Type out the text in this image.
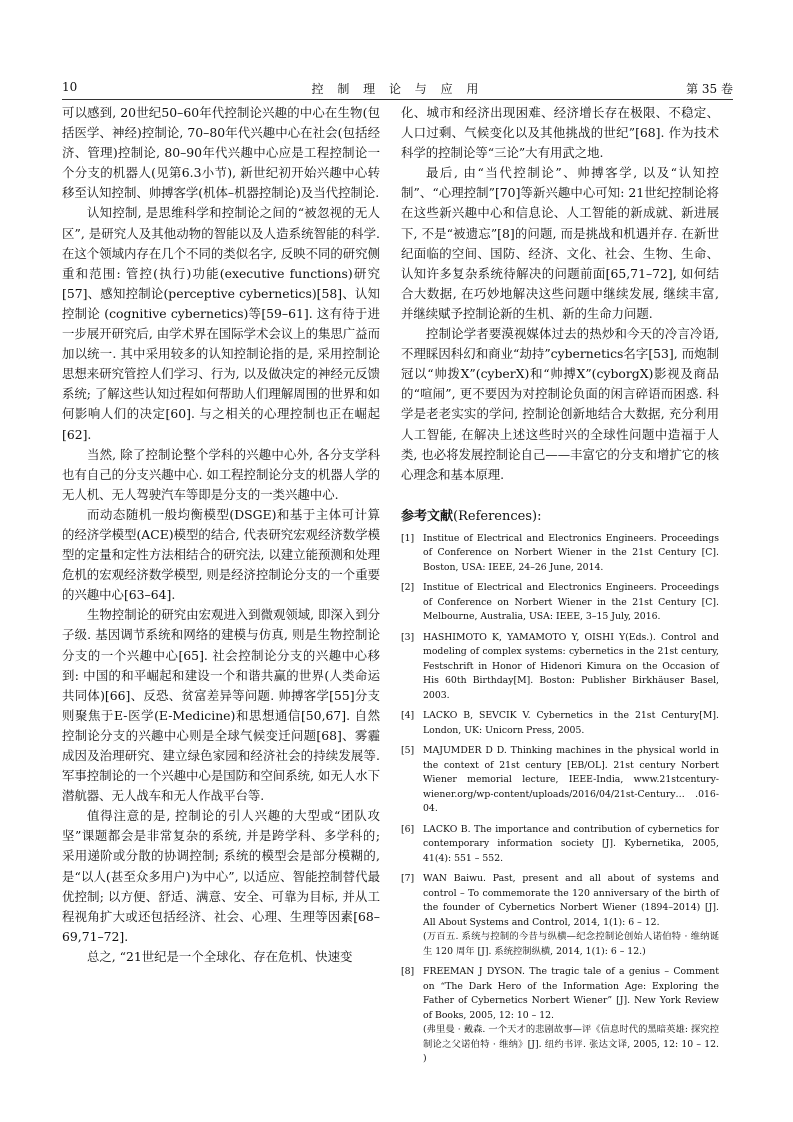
控 制 理 论 与 应 用
10	第 35 卷

可以感到, 20世纪50–60年代控制论兴趣的中心在生物(包括医学、神经)控制论, 70–80年代兴趣中心在社会(包括经济、管理)控制论, 80–90年代兴趣中心应是工程控制论一个分支的机器人(见第6.3小节), 新世纪初开始兴趣中心转移至认知控制、帅搏客学(机体–机器控制论)及当代控制论.

认知控制, 是思维科学和控制论之间的“被忽视的无人区”, 是研究人及其他动物的智能以及人造系统智能的科学. 在这个领域内存在几个不同的类似名字, 反映不同的研究侧重和范围: 管控(执行)功能(executive functions)研究[57]、感知控制论(perceptive cybernetics)[58]、认知控制论 (cognitive cybernetics)等[59–61]. 这有待于进一步展开研究后, 由学术界在国际学术会议上的集思广益而加以统一. 其中采用较多的认知控制论指的是, 采用控制论思想来研究管控人们学习、行为, 以及做决定的神经元反馈系统; 了解这些认知过程如何帮助人们理解周围的世界和如何影响人们的决定[60]. 与之相关的心理控制也正在崛起[62].

当然, 除了控制论整个学科的兴趣中心外, 各分支学科也有自己的分支兴趣中心. 如工程控制论分支的机器人学的无人机、无人驾驶汽车等即是分支的一类兴趣中心.

而动态随机一般均衡模型(DSGE)和基于主体可计算的经济学模型(ACE)模型的结合, 代表研究宏观经济数学模型的定量和定性方法相结合的研究法, 以建立能预测和处理危机的宏观经济数学模型, 则是经济控制论分支的一个重要的兴趣中心[63–64].

生物控制论的研究由宏观进入到微观领域, 即深入到分子级. 基因调节系统和网络的建模与仿真, 则是生物控制论分支的一个兴趣中心[65]. 社会控制论分支的兴趣中心移到: 中国的和平崛起和建设一个和谐共赢的世界(人类命运共同体)[66]、反恐、贫富差异等问题. 帅搏客学[55]分支则聚焦于E-医学(E-Medicine)和思想通信[50,67]. 自然控制论分支的兴趣中心则是全球气候变迁问题[68]、雾霾成因及治理研究、建立绿色家园和经济社会的持续发展等. 军事控制论的一个兴趣中心是国防和空间系统, 如无人水下潜航器、无人战车和无人作战平台等.

值得注意的是, 控制论的引人兴趣的大型或“团队攻坚”课题都会是非常复杂的系统, 并是跨学科、多学科的; 采用递阶或分散的协调控制; 系统的模型会是部分模糊的, 是“以人(甚至众多用户)为中心”, 以适应、智能控制替代最优控制; 以方便、舒适、满意、安全、可靠为目标, 并从工程视角扩大或还包括经济、社会、心理、生理等因素[68–69,71–72].

总之, “21世纪是一个全球化、存在危机、快速变

化、城市和经济出现困难、经济增长存在极限、不稳定、人口过剩、气候变化以及其他挑战的世纪”[68]. 作为技术科学的控制论等“三论”大有用武之地.

最后, 由“当代控制论”、帅搏客学, 以及“认知控制”、“心理控制”[70]等新兴趣中心可知: 21世纪控制论将在这些新兴趣中心和信息论、人工智能的新成就、新进展下, 不是“被遗忘”[8]的问题, 而是挑战和机遇并存. 在新世纪面临的空间、国防、经济、文化、社会、生物、生命、认知许多复杂系统待解决的问题前面[65,71–72], 如何结合大数据, 在巧妙地解决这些问题中继续发展, 继续丰富, 并继续赋予控制论新的生机、新的生命力问题.

控制论学者要漠视媒体过去的热炒和今天的冷言冷语, 不理睬因科幻和商业“劫持”cybernetics名字[53], 而炮制冠以“帅拨X”(cyberX)和“帅搏X”(cyborgX)影视及商品的“喧闹”, 更不要因为对控制论负面的闲言碎语而困惑. 科学是老老实实的学问, 控制论创新地结合大数据, 充分利用人工智能, 在解决上述这些时兴的全球性问题中造福于人类, 也必将发展控制论自己——丰富它的分支和增扩它的核心理念和基本原理.

参考文献(References):
[1] Institue of Electrical and Electronics Engineers. Proceedings of Conference on Norbert Wiener in the 21st Century [C]. Boston, USA: IEEE, 24–26 June, 2014.
[2] Institue of Electrical and Electronics Engineers. Proceedings of Conference on Norbert Wiener in the 21st Century [C]. Melbourne, Australia, USA: IEEE, 3–15 July, 2016.
[3] HASHIMOTO K, YAMAMOTO Y, OISHI Y(Eds.). Control and modeling of complex systems: cybernetics in the 21st century, Festschrift in Honor of Hidenori Kimura on the Occasion of His 60th Birthday[M]. Boston: Publisher Birkhäuser Basel, 2003.
[4] LACKO B, SEVCIK V. Cybernetics in the 21st Century[M]. London, UK: Unicorn Press, 2005.
[5] MAJUMDER D D. Thinking machines in the physical world in the context of 21st century [EB/OL]. 21st century Norbert Wiener memorial lecture, IEEE-India, www.21stcentury-wiener.org/wp-content/uploads/2016/04/21st-Century… .016-04.
[6] LACKO B. The importance and contribution of cybernetics for contemporary information society [J]. Kybernetika, 2005, 41(4): 551 – 552.
[7] WAN Baiwu. Past, present and all about of systems and control – To commemorate the 120 anniversary of the birth of the founder of Cybernetics Norbert Wiener (1894–2014) [J]. All About Systems and Control, 2014, 1(1): 6 – 12.
(万百五. 系统与控制的今昔与纵横—纪念控制论创始人诺伯特 · 维纳诞生 120 周年 [J]. 系统控制纵横, 2014, 1(1): 6 – 12.)
[8] FREEMAN J DYSON. The tragic tale of a genius – Comment on “The Dark Hero of the Information Age: Exploring the Father of Cybernetics Norbert Wiener” [J]. New York Review of Books, 2005, 12: 10 – 12.
(弗里曼 · 戴森. 一个天才的悲剧故事—评《信息时代的黑暗英雄: 探究控制论之父诺伯特 · 维纳》[J]. 纽约书评. 张达文译, 2005, 12: 10 – 12. )
